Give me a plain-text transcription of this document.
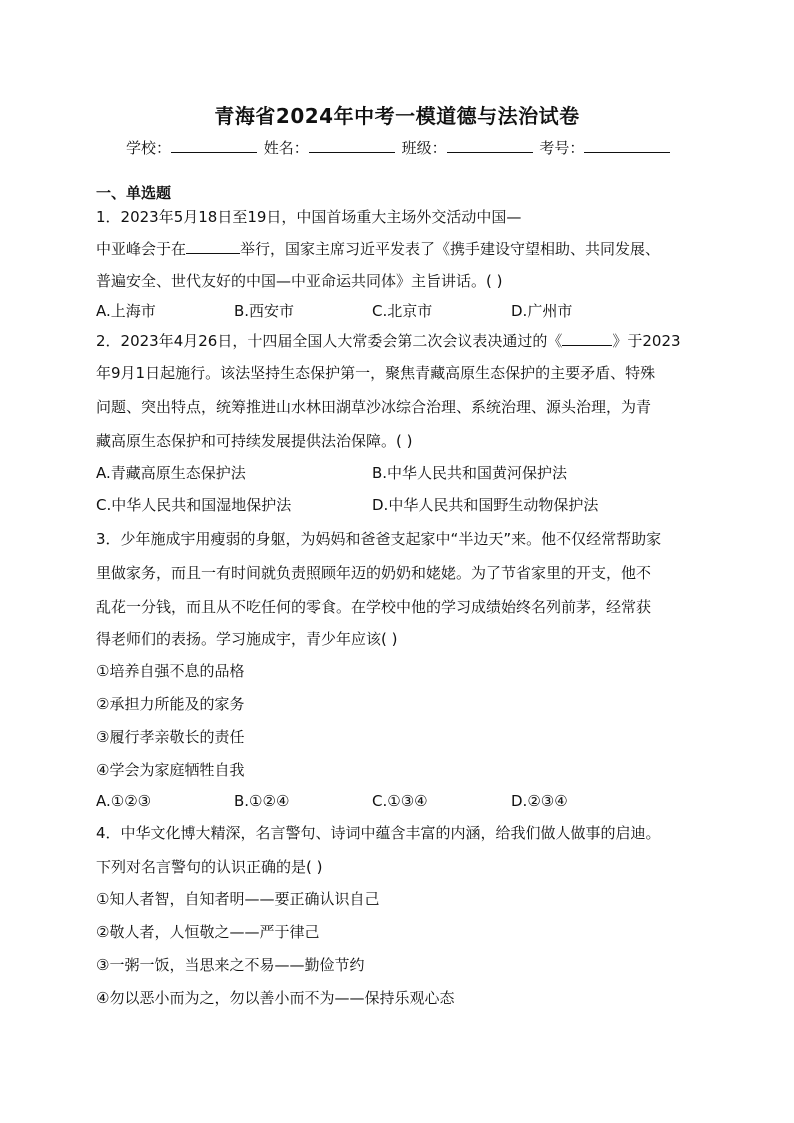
青海省2024年中考一模道德与法治试卷
学校：	姓名：	班级：	考号：
一、单选题
1．2023年5月18日至19日，中国首场重大主场外交活动中国—
中亚峰会于在	举行，国家主席习近平发表了《携手建设守望相助、共同发展、
普遍安全、世代友好的中国—中亚命运共同体》主旨讲话。( )
A.上海市	B.西安市	C.北京市	D.广州市
2．2023年4月26日，十四届全国人大常委会第二次会议表决通过的《	》于2023
年9月1日起施行。该法坚持生态保护第一，聚焦青藏高原生态保护的主要矛盾、特殊
问题、突出特点，统筹推进山水林田湖草沙冰综合治理、系统治理、源头治理，为青
藏高原生态保护和可持续发展提供法治保障。( )
A.青藏高原生态保护法	B.中华人民共和国黄河保护法
C.中华人民共和国湿地保护法	D.中华人民共和国野生动物保护法
3．少年施成宇用瘦弱的身躯，为妈妈和爸爸支起家中“半边天”来。他不仅经常帮助家
里做家务，而且一有时间就负责照顾年迈的奶奶和姥姥。为了节省家里的开支，他不
乱花一分钱，而且从不吃任何的零食。在学校中他的学习成绩始终名列前茅，经常获
得老师们的表扬。学习施成宇，青少年应该( )
①培养自强不息的品格
②承担力所能及的家务
③履行孝亲敬长的责任
④学会为家庭牺牲自我
A.①②③	B.①②④	C.①③④	D.②③④
4．中华文化博大精深，名言警句、诗词中蕴含丰富的内涵，给我们做人做事的启迪。
下列对名言警句的认识正确的是( )
①知人者智，自知者明——要正确认识自己
②敬人者，人恒敬之——严于律己
③一粥一饭，当思来之不易——勤俭节约
④勿以恶小而为之，勿以善小而不为——保持乐观心态
